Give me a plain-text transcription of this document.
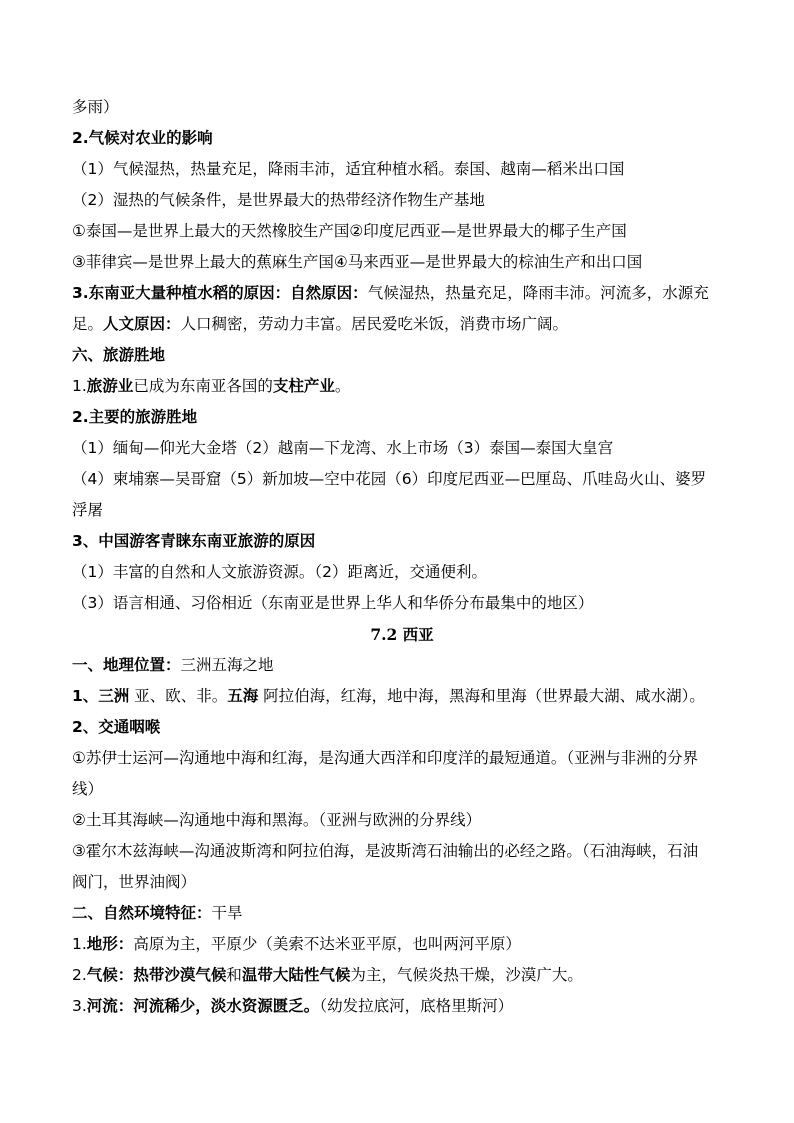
多雨）
2.气候对农业的影响
（1）气候湿热，热量充足，降雨丰沛，适宜种植水稻。泰国、越南—稻米出口国
（2）湿热的气候条件，是世界最大的热带经济作物生产基地
①泰国—是世界上最大的天然橡胶生产国②印度尼西亚—是世界最大的椰子生产国
③菲律宾—是世界上最大的蕉麻生产国④马来西亚—是世界最大的棕油生产和出口国
3.东南亚大量种植水稻的原因：自然原因：气候湿热，热量充足，降雨丰沛。河流多，水源充
足。人文原因：人口稠密，劳动力丰富。居民爱吃米饭，消费市场广阔。
六、旅游胜地
1.旅游业已成为东南亚各国的支柱产业。
2.主要的旅游胜地
（1）缅甸—仰光大金塔（2）越南—下龙湾、水上市场（3）泰国—泰国大皇宫
（4）柬埔寨—吴哥窟（5）新加坡—空中花园（6）印度尼西亚—巴厘岛、爪哇岛火山、婆罗
浮屠
3、中国游客青睐东南亚旅游的原因
（1）丰富的自然和人文旅游资源。（2）距离近，交通便利。
（3）语言相通、习俗相近（东南亚是世界上华人和华侨分布最集中的地区）
7.2 西亚
一、地理位置：三洲五海之地
1、三洲 亚、欧、非。五海 阿拉伯海，红海，地中海，黑海和里海（世界最大湖、咸水湖）。
2、交通咽喉
①苏伊士运河—沟通地中海和红海，是沟通大西洋和印度洋的最短通道。（亚洲与非洲的分界
线）
②土耳其海峡—沟通地中海和黑海。（亚洲与欧洲的分界线）
③霍尔木兹海峡—沟通波斯湾和阿拉伯海，是波斯湾石油输出的必经之路。（石油海峡，石油
阀门，世界油阀）
二、自然环境特征：干旱
1.地形：高原为主，平原少（美索不达米亚平原，也叫两河平原）
2.气候：热带沙漠气候和温带大陆性气候为主，气候炎热干燥，沙漠广大。
3.河流：河流稀少，淡水资源匮乏。（幼发拉底河，底格里斯河）
